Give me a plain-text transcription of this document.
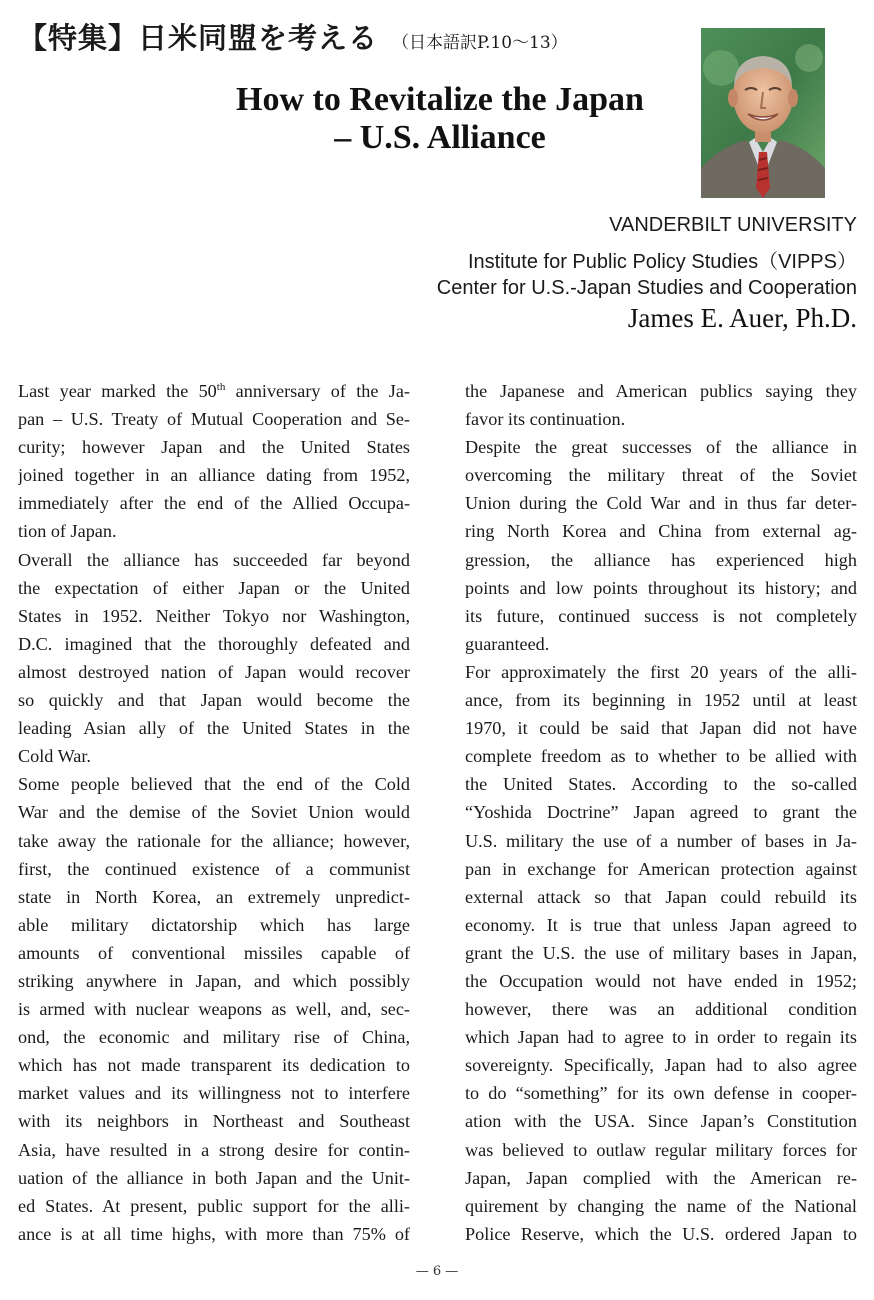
【特集】日米同盟を考える （日本語訳P.10～13）
How to Revitalize the Japan
– U.S. Alliance
VANDERBILT UNIVERSITY
Institute for Public Policy Studies（VIPPS）
Center for U.S.-Japan Studies and Cooperation
James E. Auer, Ph.D.
Last year marked the 50th anniversary of the Ja-
pan – U.S. Treaty of Mutual Cooperation and Se-
curity; however Japan and the United States
joined together in an alliance dating from 1952,
immediately after the end of the Allied Occupa-
tion of Japan.
Overall the alliance has succeeded far beyond
the expectation of either Japan or the United
States in 1952. Neither Tokyo nor Washington,
D.C. imagined that the thoroughly defeated and
almost destroyed nation of Japan would recover
so quickly and that Japan would become the
leading Asian ally of the United States in the
Cold War.
Some people believed that the end of the Cold
War and the demise of the Soviet Union would
take away the rationale for the alliance; however,
first, the continued existence of a communist
state in North Korea, an extremely unpredict-
able military dictatorship which has large
amounts of conventional missiles capable of
striking anywhere in Japan, and which possibly
is armed with nuclear weapons as well, and, sec-
ond, the economic and military rise of China,
which has not made transparent its dedication to
market values and its willingness not to interfere
with its neighbors in Northeast and Southeast
Asia, have resulted in a strong desire for contin-
uation of the alliance in both Japan and the Unit-
ed States. At present, public support for the alli-
ance is at all time highs, with more than 75% of
the Japanese and American publics saying they
favor its continuation.
Despite the great successes of the alliance in
overcoming the military threat of the Soviet
Union during the Cold War and in thus far deter-
ring North Korea and China from external ag-
gression, the alliance has experienced high
points and low points throughout its history; and
its future, continued success is not completely
guaranteed.
For approximately the first 20 years of the alli-
ance, from its beginning in 1952 until at least
1970, it could be said that Japan did not have
complete freedom as to whether to be allied with
the United States. According to the so-called
“Yoshida Doctrine” Japan agreed to grant the
U.S. military the use of a number of bases in Ja-
pan in exchange for American protection against
external attack so that Japan could rebuild its
economy. It is true that unless Japan agreed to
grant the U.S. the use of military bases in Japan,
the Occupation would not have ended in 1952;
however, there was an additional condition
which Japan had to agree to in order to regain its
sovereignty. Specifically, Japan had to also agree
to do “something” for its own defense in cooper-
ation with the USA. Since Japan’s Constitution
was believed to outlaw regular military forces for
Japan, Japan complied with the American re-
quirement by changing the name of the National
Police Reserve, which the U.S. ordered Japan to
— 6 —
